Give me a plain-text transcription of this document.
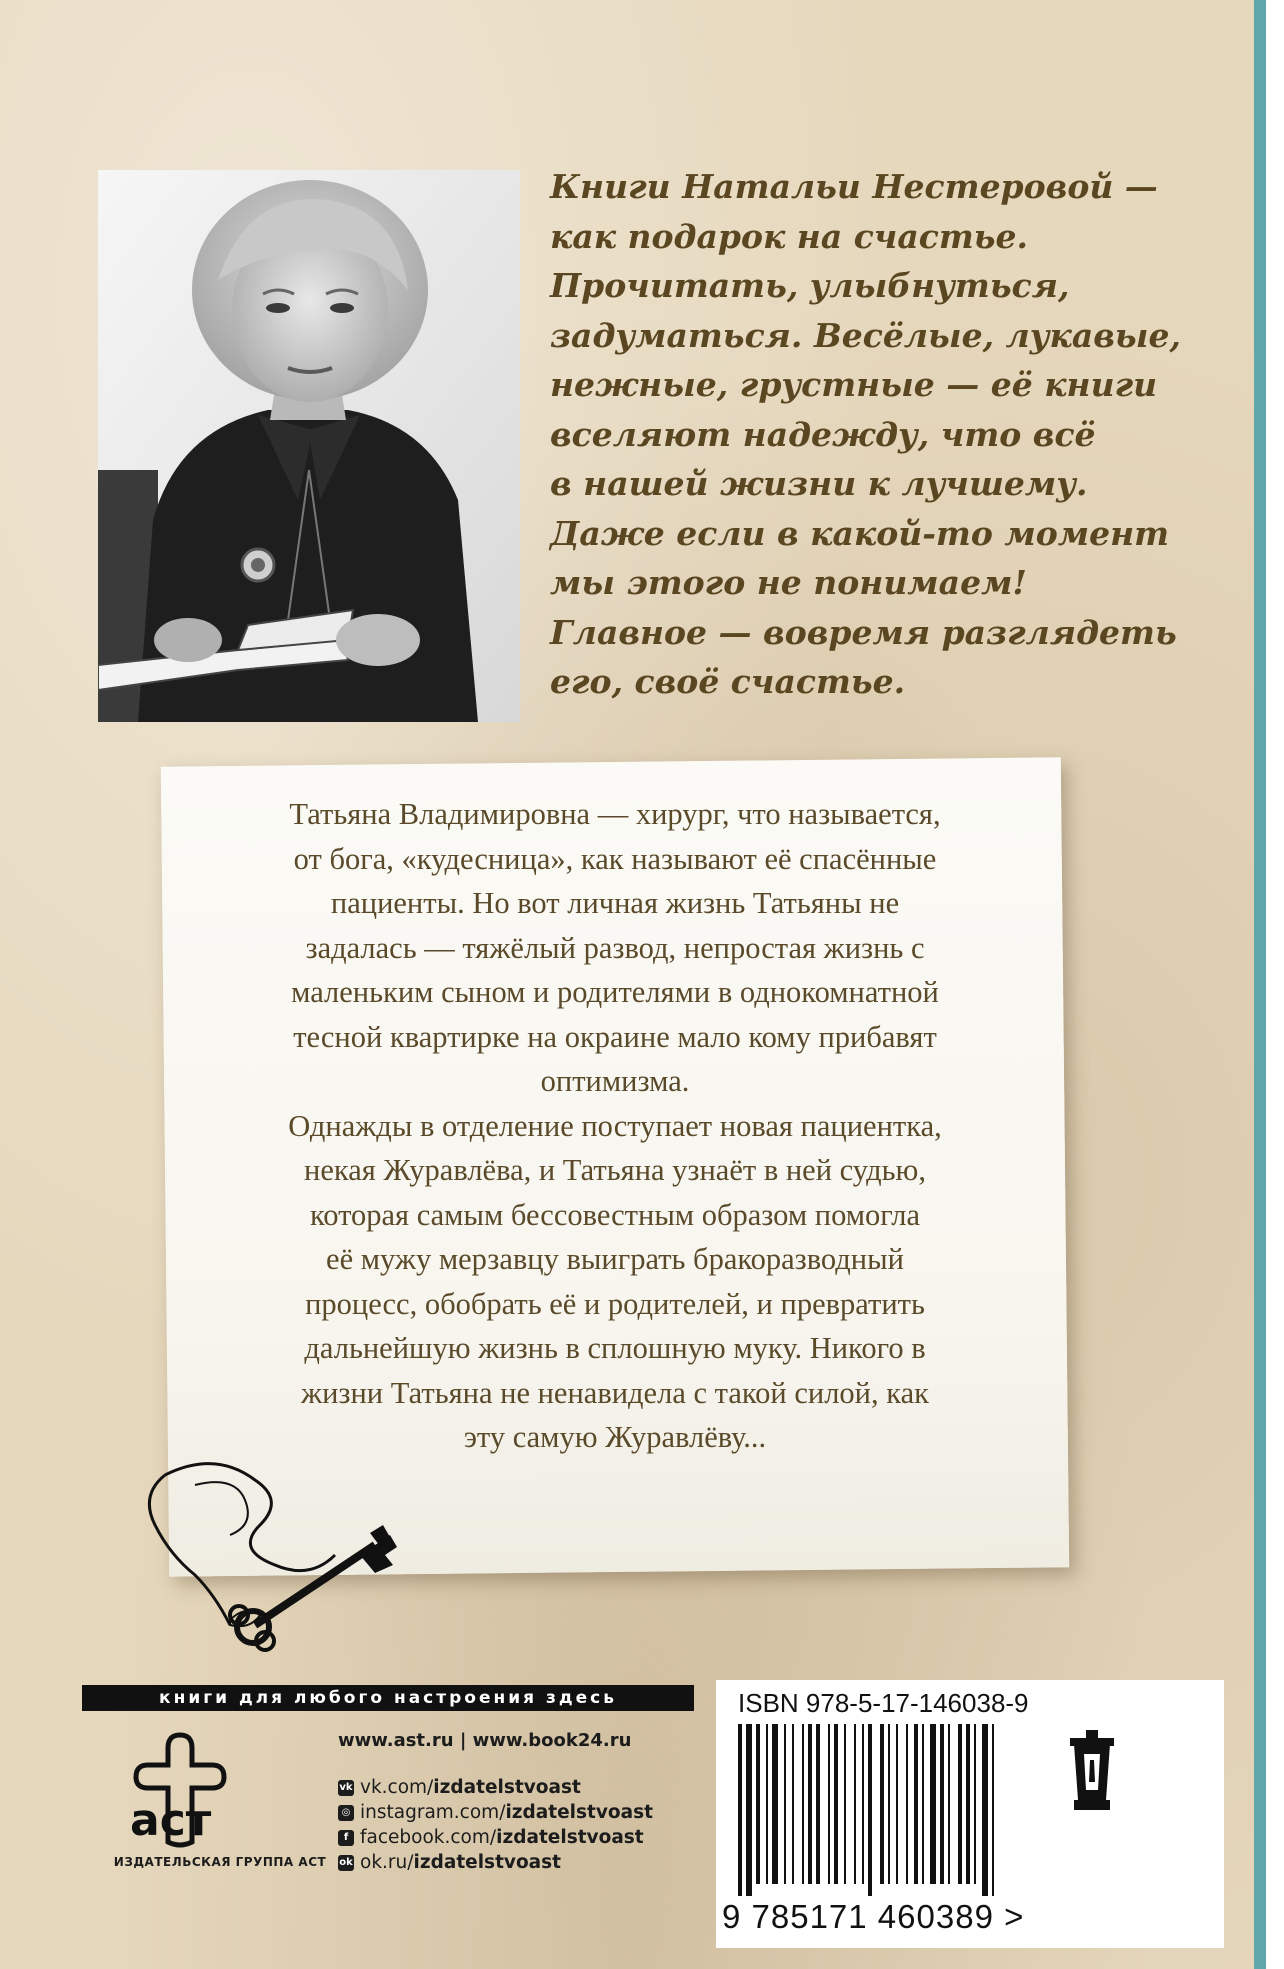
Книги Натальи Нестеровой —
как подарок на счастье.
Прочитать, улыбнуться,
задуматься. Весёлые, лукавые,
нежные, грустные — её книги
вселяют надежду, что всё
в нашей жизни к лучшему.
Даже если в какой-то момент
мы этого не понимаем!
Главное — вовремя разглядеть
его, своё счастье.
Татьяна Владимировна — хирург, что называется,
от бога, «кудесница», как называют её спасённые
пациенты. Но вот личная жизнь Татьяны не
задалась — тяжёлый развод, непростая жизнь с
маленьким сыном и родителями в однокомнатной
тесной квартирке на окраине мало кому прибавят
оптимизма.
Однажды в отделение поступает новая пациентка,
некая Журавлёва, и Татьяна узнаёт в ней судью,
которая самым бессовестным образом помогла
её мужу мерзавцу выиграть бракоразводный
процесс, обобрать её и родителей, и превратить
дальнейшую жизнь в сплошную муку. Никого в
жизни Татьяна не ненавидела с такой силой, как
эту самую Журавлёву...
книги для любого настроения здесь
аст
ИЗДАТЕЛЬСКАЯ ГРУППА АСТ
www.ast.ru | www.book24.ru
vk vk.com/ izdatelstvoast
◎ instagram.com/ izdatelstvoast
f facebook.com/ izdatelstvoast
ok ok.ru/ izdatelstvoast
ISBN 978-5-17-146038-9
9 785171 460389 >
